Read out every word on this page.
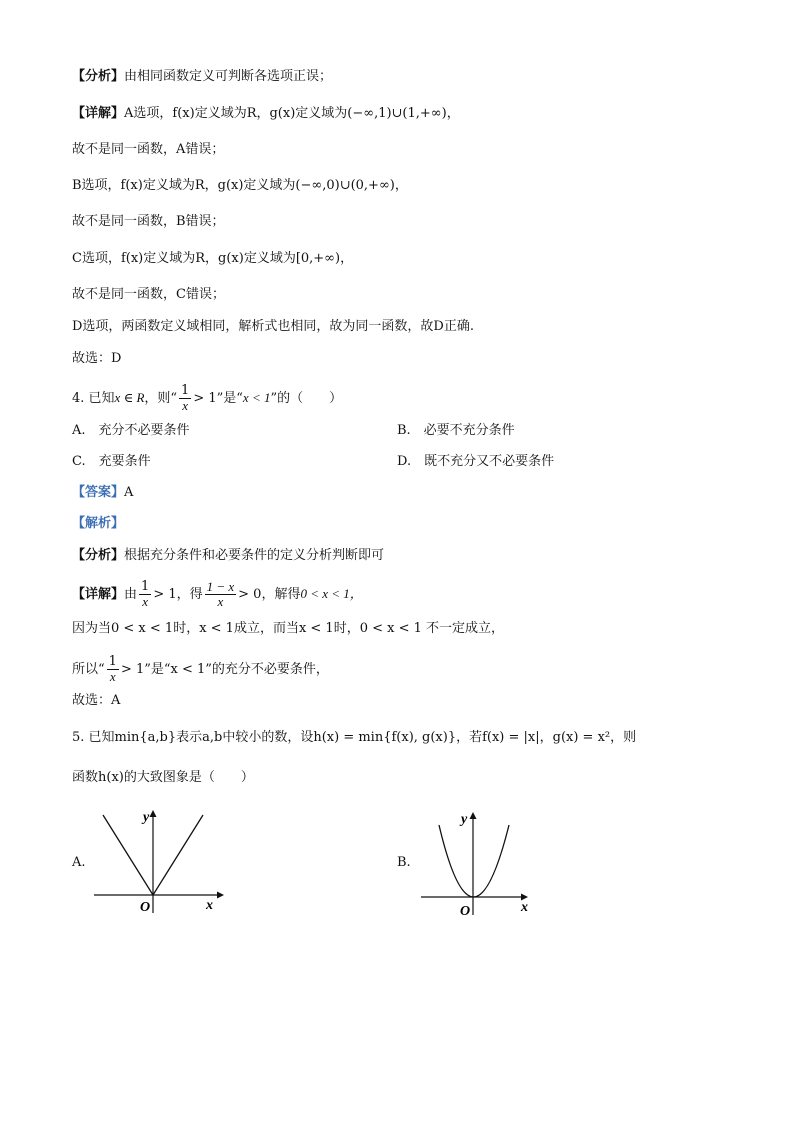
【分析】由相同函数定义可判断各选项正误；
【详解】A选项，f(x)定义域为R，g(x)定义域为(−∞,1)∪(1,+∞)，
故不是同一函数，A错误；
B选项，f(x)定义域为R，g(x)定义域为(−∞,0)∪(0,+∞)，
故不是同一函数，B错误；
C选项，f(x)定义域为R，g(x)定义域为[0,+∞)，
故不是同一函数，C错误；
D选项，两函数定义域相同，解析式也相同，故为同一函数，故D正确.
故选：D
4. 已知x ∈ R，则“ $\frac{1}{x} > 1$”是“x < 1”的（　　）
A.　充分不必要条件	B.　必要不充分条件
C.　充要条件	D.　既不充分又不必要条件
【答案】A
【解析】
【分析】根据充分条件和必要条件的定义分析判断即可
【详解】由 $\frac{1}{x} > 1$，得 $\frac{1 - x}{x} > 0$，解得0 < x < 1，
因为当0 < x < 1时，x < 1成立，而当x < 1时，0 < x < 1 不一定成立，
所以“ $\frac{1}{x} > 1$”是“x < 1”的充分不必要条件，
故选：A
5. 已知min{a,b}表示a,b中较小的数，设h(x) = min{f(x), g(x)}，若f(x) = |x|，g(x) = x²，则
函数h(x)的大致图象是（　　）
A.
y
x
O
B.
y
x
O
